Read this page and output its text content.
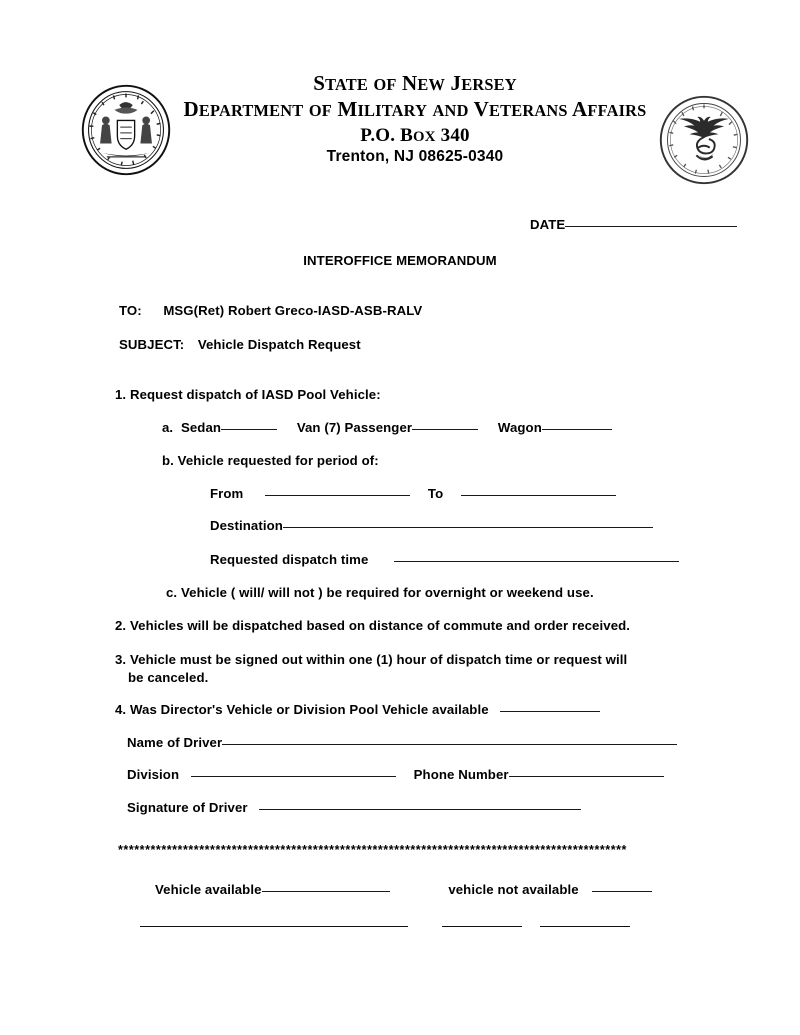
STATE OF NEW JERSEY
DEPARTMENT OF MILITARY AND VETERANS AFFAIRS
P.O. BOX 340
Trenton, NJ 08625-0340
DATE
INTEROFFICE MEMORANDUM
TO: MSG(Ret) Robert Greco-IASD-ASB-RALV
SUBJECT: Vehicle Dispatch Request
1. Request dispatch of IASD Pool Vehicle:
a. Sedan	Van (7) Passenger	Wagon
b. Vehicle requested for period of:
From	To
Destination
Requested dispatch time
c. Vehicle ( will/ will not ) be required for overnight or weekend use.
2. Vehicles will be dispatched based on distance of commute and order received.
3. Vehicle must be signed out within one (1) hour of dispatch time or request will
be canceled.
4. Was Director's Vehicle or Division Pool Vehicle available
Name of Driver
Division	Phone Number
Signature of Driver
**********************************************************************************************
Vehicle available	vehicle not available
